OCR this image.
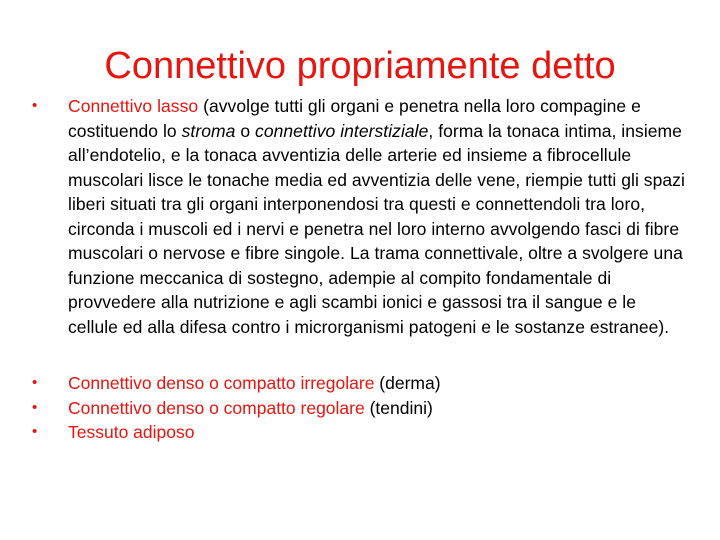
Connettivo propriamente detto
• Connettivo lasso (avvolge tutti gli organi e penetra nella loro compagine e costituendo lo stroma o connettivo interstiziale, forma la tonaca intima, insieme all’endotelio, e la tonaca avventizia delle arterie ed insieme a fibrocellule muscolari lisce le tonache media ed avventizia delle vene, riempie tutti gli spazi liberi situati tra gli organi interponendosi tra questi e connettendoli tra loro, circonda i muscoli ed i nervi e penetra nel loro interno avvolgendo fasci di fibre muscolari o nervose e fibre singole. La trama connettivale, oltre a svolgere una funzione meccanica di sostegno, adempie al compito fondamentale di provvedere alla nutrizione e agli scambi ionici e gassosi tra il sangue e le cellule ed alla difesa contro i microrganismi patogeni e le sostanze estranee).
• Connettivo denso o compatto irregolare (derma)
• Connettivo denso o compatto regolare (tendini)
• Tessuto adiposo
